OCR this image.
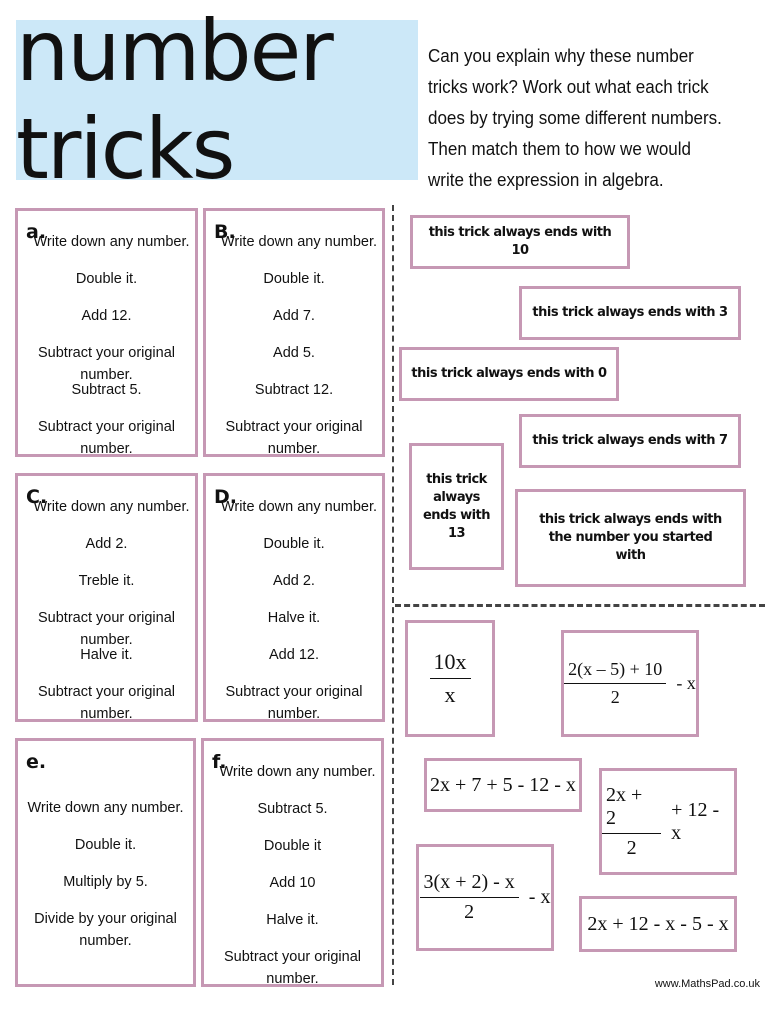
number tricks
Can you explain why these number tricks work? Work out what each trick does by trying some different numbers. Then match them to how we would write the expression in algebra.
a.
Write down any number.
Double it.
Add 12.
Subtract your original number.
Subtract 5.
Subtract your original number.
B.
Write down any number.
Double it.
Add 7.
Add 5.
Subtract 12.
Subtract your original number.
C.
Write down any number.
Add 2.
Treble it.
Subtract your original number.
Halve it.
Subtract your original number.
D.
Write down any number.
Double it.
Add 2.
Halve it.
Add 12.
Subtract your original number.
e.
Write down any number.
Double it.
Multiply by 5.
Divide by your original number.
f.
Write down any number.
Subtract 5.
Double it
Add 10
Halve it.
Subtract your original number.
this trick always ends with 10
this trick always ends with 3
this trick always ends with 0
this trick always ends with 7
this trick always ends with 13
this trick always ends with the number you started with
$\frac{10x}{x}$	$\frac{2(x - 5) + 10}{2}$ - x
2x + 7 + 5 - 12 - x $\frac{2x + 2}{2} + 12 - x$
$\frac{3(x + 2) - x}{2}$ - x
2x + 12 - x - 5 - x
www.MathsPad.co.uk
